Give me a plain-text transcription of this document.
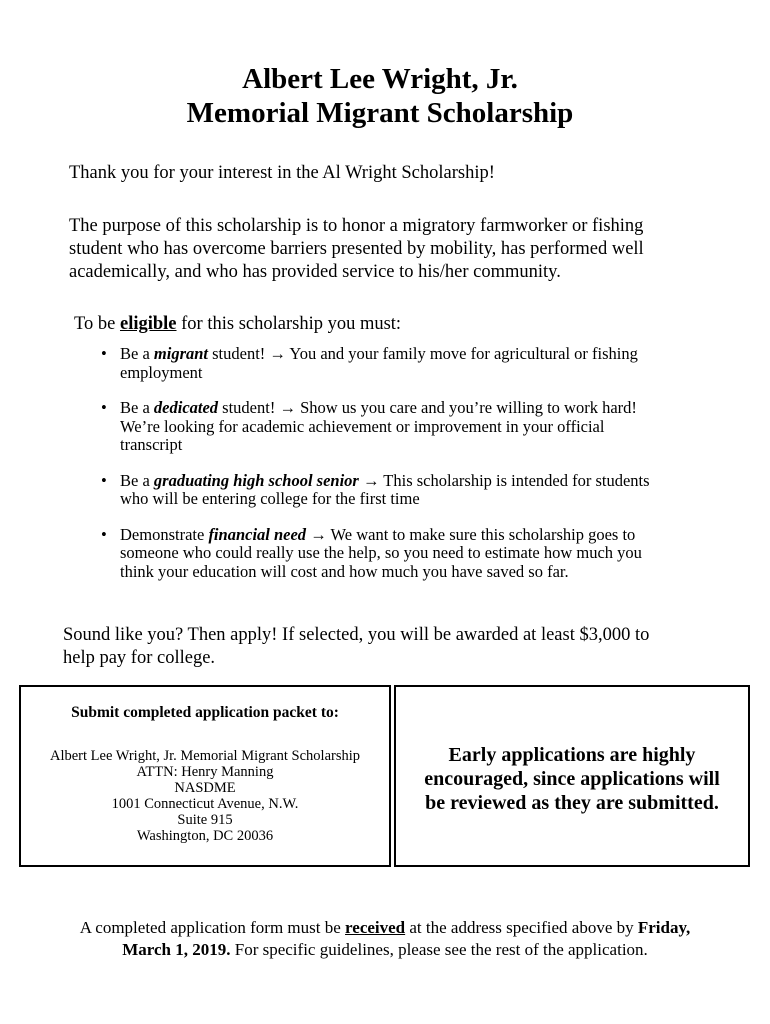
Albert Lee Wright, Jr.
Memorial Migrant Scholarship
Thank you for your interest in the Al Wright Scholarship!
The purpose of this scholarship is to honor a migratory farmworker or fishing
student who has overcome barriers presented by mobility, has performed well
academically, and who has provided service to his/her community.
To be eligible for this scholarship you must:
• Be a migrant student! → You and your family move for agricultural or fishing
employment
• Be a dedicated student! → Show us you care and you’re willing to work hard!
We’re looking for academic achievement or improvement in your official
transcript
• Be a graduating high school senior → This scholarship is intended for students
who will be entering college for the first time
• Demonstrate financial need → We want to make sure this scholarship goes to
someone who could really use the help, so you need to estimate how much you
think your education will cost and how much you have saved so far.
Sound like you? Then apply! If selected, you will be awarded at least $3,000 to
help pay for college.
Submit completed application packet to:
Albert Lee Wright, Jr. Memorial Migrant Scholarship
ATTN: Henry Manning
NASDME
1001 Connecticut Avenue, N.W.
Suite 915
Washington, DC 20036
Early applications are highly
encouraged, since applications will
be reviewed as they are submitted.
A completed application form must be received at the address specified above by Friday,
March 1, 2019. For specific guidelines, please see the rest of the application.
